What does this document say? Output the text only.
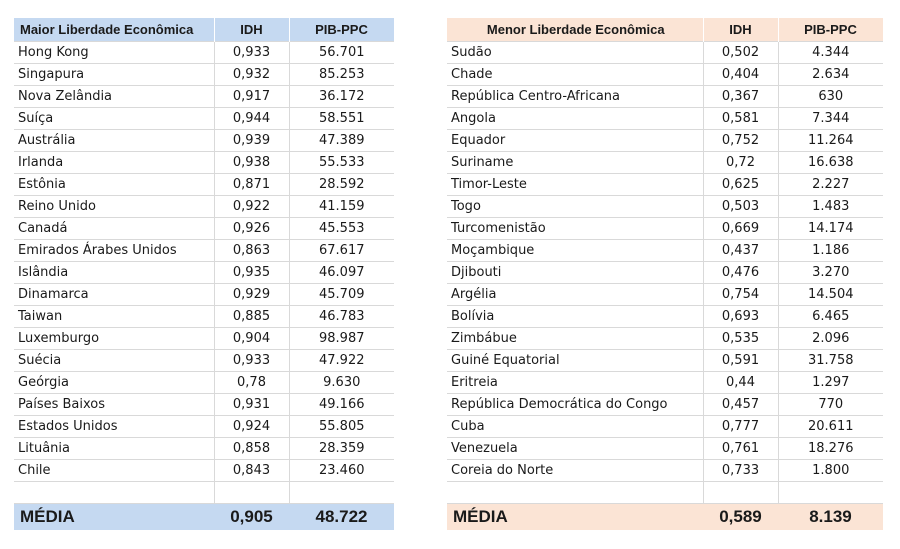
Maior Liberdade Econômica	IDH	PIB-PPC
Hong Kong	0,933	56.701
Singapura	0,932	85.253
Nova Zelândia	0,917	36.172
Suíça	0,944	58.551
Austrália	0,939	47.389
Irlanda	0,938	55.533
Estônia	0,871	28.592
Reino Unido	0,922	41.159
Canadá	0,926	45.553
Emirados Árabes Unidos	0,863	67.617
Islândia	0,935	46.097
Dinamarca	0,929	45.709
Taiwan	0,885	46.783
Luxemburgo	0,904	98.987
Suécia	0,933	47.922
Geórgia	0,78	9.630
Países Baixos	0,931	49.166
Estados Unidos	0,924	55.805
Lituânia	0,858	28.359
Chile	0,843	23.460

MÉDIA	0,905	48.722
Menor Liberdade Econômica	IDH	PIB-PPC
Sudão	0,502	4.344
Chade	0,404	2.634
República Centro-Africana	0,367	630
Angola	0,581	7.344
Equador	0,752	11.264
Suriname	0,72	16.638
Timor-Leste	0,625	2.227
Togo	0,503	1.483
Turcomenistão	0,669	14.174
Moçambique	0,437	1.186
Djibouti	0,476	3.270
Argélia	0,754	14.504
Bolívia	0,693	6.465
Zimbábue	0,535	2.096
Guiné Equatorial	0,591	31.758
Eritreia	0,44	1.297
República Democrática do Congo	0,457	770
Cuba	0,777	20.611
Venezuela	0,761	18.276
Coreia do Norte	0,733	1.800

MÉDIA	0,589	8.139
